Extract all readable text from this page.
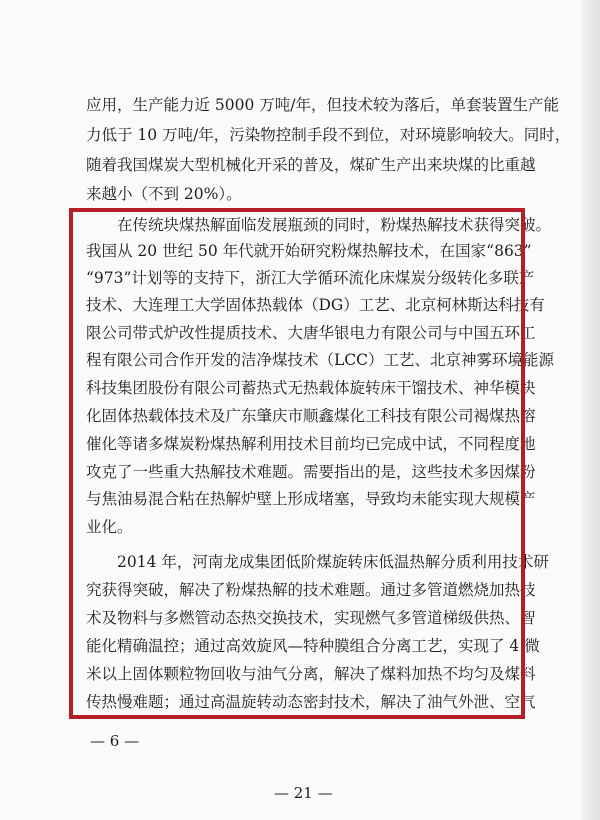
应用，生产能力近 5000 万吨/年，但技术较为落后，单套装置生产能
力低于 10 万吨/年，污染物控制手段不到位，对环境影响较大。同时，
随着我国煤炭大型机械化开采的普及，煤矿生产出来块煤的比重越
来越小（不到 20%）。
在传统块煤热解面临发展瓶颈的同时，粉煤热解技术获得突破。
我国从 20 世纪 50 年代就开始研究粉煤热解技术，在国家“863”
“973”计划等的支持下，浙江大学循环流化床煤炭分级转化多联产
技术、大连理工大学固体热载体（DG）工艺、北京柯林斯达科技有
限公司带式炉改性提质技术、大唐华银电力有限公司与中国五环工
程有限公司合作开发的洁净煤技术（LCC）工艺、北京神雾环境能源
科技集团股份有限公司蓄热式无热载体旋转床干馏技术、神华模块
化固体热载体技术及广东肇庆市顺鑫煤化工科技有限公司褐煤热溶
催化等诸多煤炭粉煤热解利用技术目前均已完成中试，不同程度地
攻克了一些重大热解技术难题。需要指出的是，这些技术多因煤粉
与焦油易混合粘在热解炉壁上形成堵塞，导致均未能实现大规模产
业化。
2014 年，河南龙成集团低阶煤旋转床低温热解分质利用技术研
究获得突破，解决了粉煤热解的技术难题。通过多管道燃烧加热技
术及物料与多燃管动态热交换技术，实现燃气多管道梯级供热、智
能化精确温控；通过高效旋风—特种膜组合分离工艺，实现了 4 微
米以上固体颗粒物回收与油气分离，解决了煤料加热不均匀及煤料
传热慢难题；通过高温旋转动态密封技术，解决了油气外泄、空气
— 6 —
— 21 —
